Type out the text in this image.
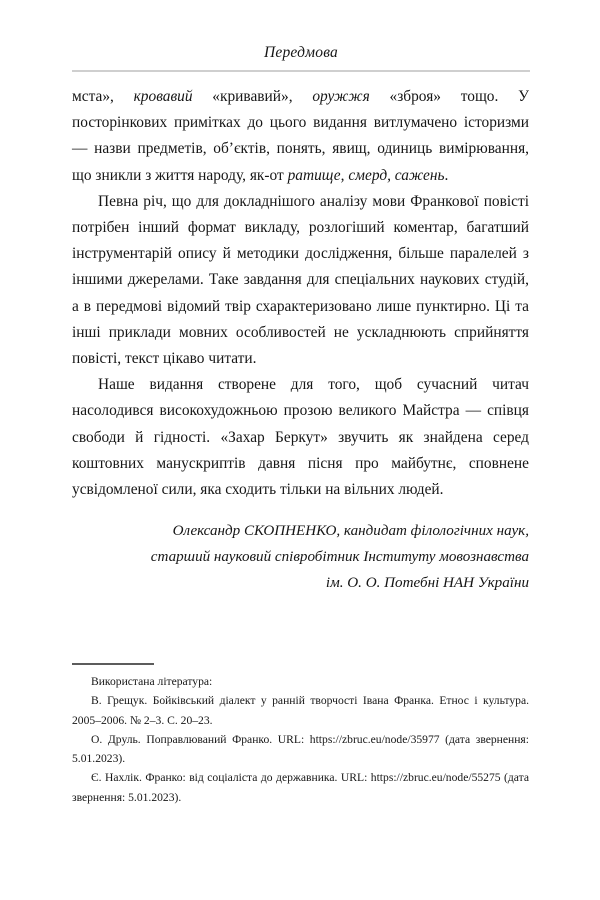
Передмова

мста», кровавий «кривавий», оружжя «зброя» тощо. У посторінкових примітках до цього видання витлумачено історизми — назви предметів, об’єктів, понять, явищ, одиниць вимірювання, що зникли з життя народу, як-от ратище, смерд, сажень.

Певна річ, що для докладнішого аналізу мови Франкової повісті потрібен інший формат викладу, розлогіший коментар, багатший інструментарій опису й методики дослідження, більше паралелей з іншими джерелами. Таке завдання для спеціальних наукових студій, а в передмові відомий твір схарактеризовано лише пунктирно. Ці та інші приклади мовних особливостей не ускладнюють сприйняття повісті, текст цікаво читати.

Наше видання створене для того, щоб сучасний читач насолодився високохудожньою прозою великого Майстра — співця свободи й гідності. «Захар Беркут» звучить як знайдена серед коштовних манускриптів давня пісня про майбутнє, сповнене усвідомленої сили, яка сходить тільки на вільних людей.

Олександр СКОПНЕНКО, кандидат філологічних наук,
старший науковий співробітник Інституту мовознавства
ім. О. О. Потебні НАН України

Використана література:

В. Грещук. Бойківський діалект у ранній творчості Івана Франка. Етнос і культура. 2005–2006. № 2–3. С. 20–23.

О. Друль. Поправлюваний Франко. URL: https://zbruc.eu/node/35977 (дата звернення: 5.01.2023).

Є. Нахлік. Франко: від соціаліста до державника. URL: https://zbruc.eu/node/55275 (дата звернення: 5.01.2023).
